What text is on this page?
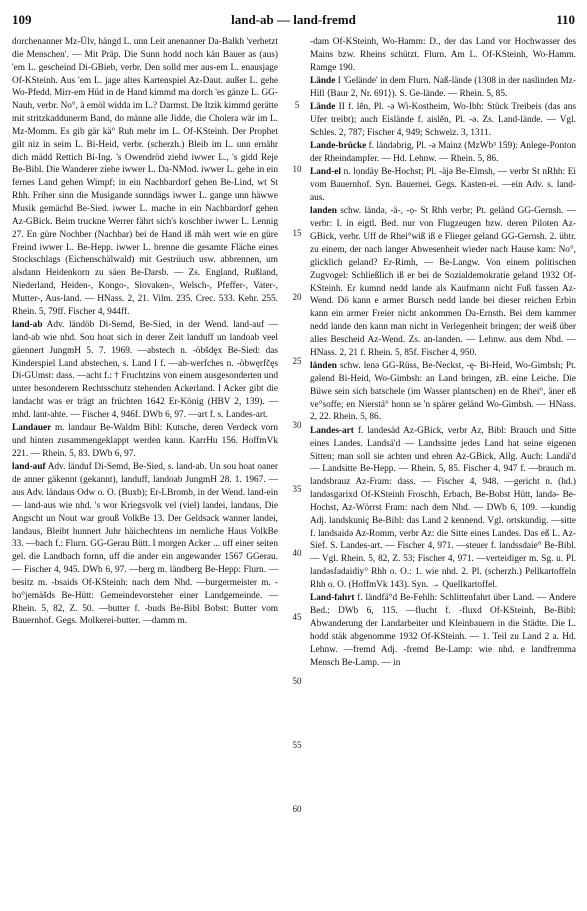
109	land-ab — land-fremd	110

dorchenanner Mz-Ülv, hängd L. unn Leit anenanner Da-Balkh 'verhetzt die Menschen'. — Mit Präp. Die Sunn hodd noch kän Bauer as (aus) 'em L. gescheind Di-GBieb, verbr. Den solld mer aus-em L. enausjage Of-KSteinh. Aus 'em L. jage altes Kartenspiel Az-Daut. außer L. gehe Wo-Pfedd. Mirr-em Hüd in de Hand kimmd ma dorch 'es gänze L. GG-Nauh, verbr. No°, ä emöl widda im L.? Darmst. De Itzik kimmd gerätte mit stritzkaddunerm Band, do männe alle Jidde, die Cholera wär im L. Mz-Momm. Es gib gär kä° Ruh mehr im L. Of-KSteinh. Der Prophet gilt niz in seim L. Bi-Heid, verbr. (scherzh.) Bleib im L. unn ernähr dich mädd Rettich Bi-Ing. 's Owendröd ziehd iwwer L., 's gidd Reje Be-Bibl. Die Wanderer ziehe iwwer L. Da-NMod. iwwer L. gehe in ein fernes Land gehen Wimpf; in ein Nachbardorf gehen Be-Lind, wt St Rhh. Friher sinn die Musigande sunndägs iwwer L. gange unn häwwe Musik gemächd Be-Sied. iwwer L. mache in ein Nachbardorf gehen Az-GBick. Beim truckne Werrer fährt sich's koschber iwwer L. Lennig 27. En güre Nochber (Nachbar) bei de Hand iß mäh wert wie en güre Freind iwwer L. Be-Hepp. iwwer L. brenne die gesamte Fläche eines Stockschlags (Eichenschälwald) mit Gestrüuch usw. abbrennen, um alsdann Heidenkorn zu säen Be-Darsb. — Zs. England, Rußland, Niederland, Heiden-, Kongo-, Slovaken-, Welsch-, Pfeffer-, Vater-, Mutter-, Aus-land. — HNass. 2, 21. Vilm. 235. Crec. 533. Kehr. 255. Rhein. 5, 79ff. Fischer 4, 944ff.

land-ab Adv. ländöb Di-Semd, Be-Sied, in der Wend. land-auf — land-ab wie nhd. Sou hoat sich in derer Zeit landuff un landoab veel gäennert JungmH 5. 7. 1969. —abstech n. -öbšdęx Be-Sied: das Kinderspiel Land abstechen, s. Land I f. —ab-werfches n. -öbwęrfčęs Di-GUmst: dass. —acht f.: † Fruchtzins von einem ausgesonderten und unter besonderem Rechtsschutz stehenden Ackerland. I Acker gibt die landacht was er trägt an früchten 1642 Er-König (HBV 2, 139). — mhd. lant-ahte. — Fischer 4, 946f. DWb 6, 97. —art f. s. Landes-art.

Landauer m. landaur Be-Waldm Bibl: Kutsche, deren Verdeck vorn und hinten zusammengeklappt werden kann. KarrHu 156. HoffmVk 221. — Rhein. 5, 83. DWb 6, 97.

land-auf Adv. länduf Di-Semd, Be-Sied, s. land-ab. Un sou hoat oaner de anner gäkennt (gekannt), landuff, landoab JungmH 28. 1. 1967. — aus Adv. ländaus Odw o. O. (Buxb); Er-LBromb, in der Wend. land-ein — land-aus wie nhd. 's wor Kriegsvolk vel (viel) landei, landaus, Die Angscht un Nout war grouß VolkBe 13. Der Geldsack wanner landei, landaus, Bleibt hunnert Juhr häichechtens im nemliche Haus VolkBe 33. —bach f.: Flurn. GG-Gerau Bütt. I morgen Acker ... uff einer seiten gel. die Landbach fornn, uff die ander ein angewander 1567 GGerau. — Fischer 4, 945. DWb 6, 97. —berg m. ländberg Be-Hepp: Flurn. —besitz m. -bsaids Of-KSteinh: nach dem Nhd. —burgermeister m. -bo°jemäšds Be-Hütt: Gemeindevorsteher einer Landgemeinde. — Rhein. 5, 82, Z. 50. —butter f. -buds Be-Bibl Bobst: Butter vom Bauernhof. Gegs. Molkerei-butter. —damm m.

5
10
15
20
25
30
35
40
45
50
55
60

-dam Of-KSteinh, Wo-Hamm: D., der das Land vor Hochwasser des Mains bzw. Rheins schützt. Flurn. Am L. Of-KSteinh, Wo-Hamm. Ramge 190.

Lände I 'Gelände' in dem Flurn. Naß-lände (1308 in der naslinden Mz-Hill ⟨Baur 2, Nr. 691⟩). S. Ge-lände. — Rhein. 5, 85.

Lände II f. lěn, Pl. -ə Wi-Kostheim, Wo-Ibh: Stück Treibeis (das ans Ufer treibt); auch Eislände f. aislěn, Pl. -ə. Zs. Land-lände. — Vgl. Schles. 2, 787; Fischer 4, 949; Schweiz. 3, 1311.

Lande-brücke f. ländəbrig, Pl. -ə Mainz (MzWb³ 159): Anlege-Ponton der Rheindampfer. — Hd. Lehnw. — Rhein. 5, 86.

Land-el n. lọndäy Be-Hochst; Pl. -äjə Be-Elmsh, — verbr St nRhh: Ei vom Bauernhof. Syn. Bauernei. Gegs. Kasten-ei. —ein Adv. s. land-aus.

landen schw. ländə, -ä-, -ọ- St Rhh verbr; Pt. geländ GG-Gernsh. — verbr: I. in eigtl. Bed. nur von Flugzeugen bzw. deren Piloten Az-GBick, verbr. Uff de Rhei°wiß iß e Flieger geland GG-Gernsh. 2. übtr. zu einem, der nach langer Abwesenheit wieder nach Hause kam: No°, glicklich geland? Er-Rimh, — Be-Langw. Von einem politischen Zugvogel: Schließlich iß er bei de Sozialdemokratie geland 1932 Of-KSteinh. Er kumnd nedd lande als Kaufmann nicht Fuß fassen Az-Wend. Dö kann e armer Bursch nedd lande bei dieser reichen Erbin kann ein armer Freier nicht ankommen Da-Ernsth. Bei dem kammer nedd lande den kann man nicht in Verlegenheit bringen; der weiß über alles Bescheid Az-Wend. Zs. an-landen. — Lehnw. aus dem Nhd. — HNass. 2, 21 f. Rhein. 5, 85f. Fischer 4, 950.

länden schw. lenə GG-Rüss, Be-Neckst, -ę- Bi-Heid, Wo-Gimbsh; Pt. gəlend Bi-Heid, Wo-Gimbsh: an Land bringen, zB. eine Leiche. Die Büwe sein sich batschele (im Wasser plantschen) en de Rhei°, äner eß ve°soffe; en Nierstä° honn se 'n spärer geländ Wo-Gimbsh. — HNass. 2, 22. Rhein. 5, 86.

Landes-art f. landesäd Az-GBick, verbr Az, Bibl: Brauch und Sitte eines Landes. Landsä'd — Landssitte jedes Land hat seine eigenen Sitten; man soll sie achten und ehren Az-GBick, Allg. Auch: Landä'd — Landsitte Be-Hepp. — Rhein. 5, 85. Fischer 4, 947 f. —brauch m. landsbrauz Az-Fram: dass. — Fischer 4, 948. —gericht n. (hd.) landəsgərixd Of-KSteinh Froschh, Erbach, Be-Bobst Hütt, landə- Be-Hochst, Az-Wörrst Fram: nach dem Nhd. — DWb 6, 109. —kundig Adj. landskuniç Be-Bibl: das Land 2 kennend. Vgl. ortskundig. —sitte f. landsaidə Az-Romm, verbr Az: die Sitte eines Landes. Das eß L. Az-Sief. S. Landes-art. — Fischer 4, 971. —steuer f. landssdaie° Be-Bibl. — Vgl. Rhein. 5, 82, Z. 53; Fischer 4, 971. —verteidiger m. Sg. u. Pl. landəsfadaidiy° Rhh o. O.: 1. wie nhd. 2. Pl. (scherzh.) Pellkartoffeln Rhh o. O. (HoffmVk 143). Syn. → Quellkartoffel.

Land-fahrt f. ländfä°d Be-Fehlh: Schlittenfahrt über Land. — Andere Bed.: DWb 6, 115. —flucht f. -fluxd Of-KSteinh, Be-Bibl: Abwanderung der Landarbeiter und Kleinbauern in die Städte. Die L. hodd stäk abgenomme 1932 Of-KSteinh. — 1. Teil zu Land 2 a. Hd. Lehnw. —fremd Adj. -fremd Be-Lamp: wie nhd. e landfremma Mensch Be-Lamp. — in
